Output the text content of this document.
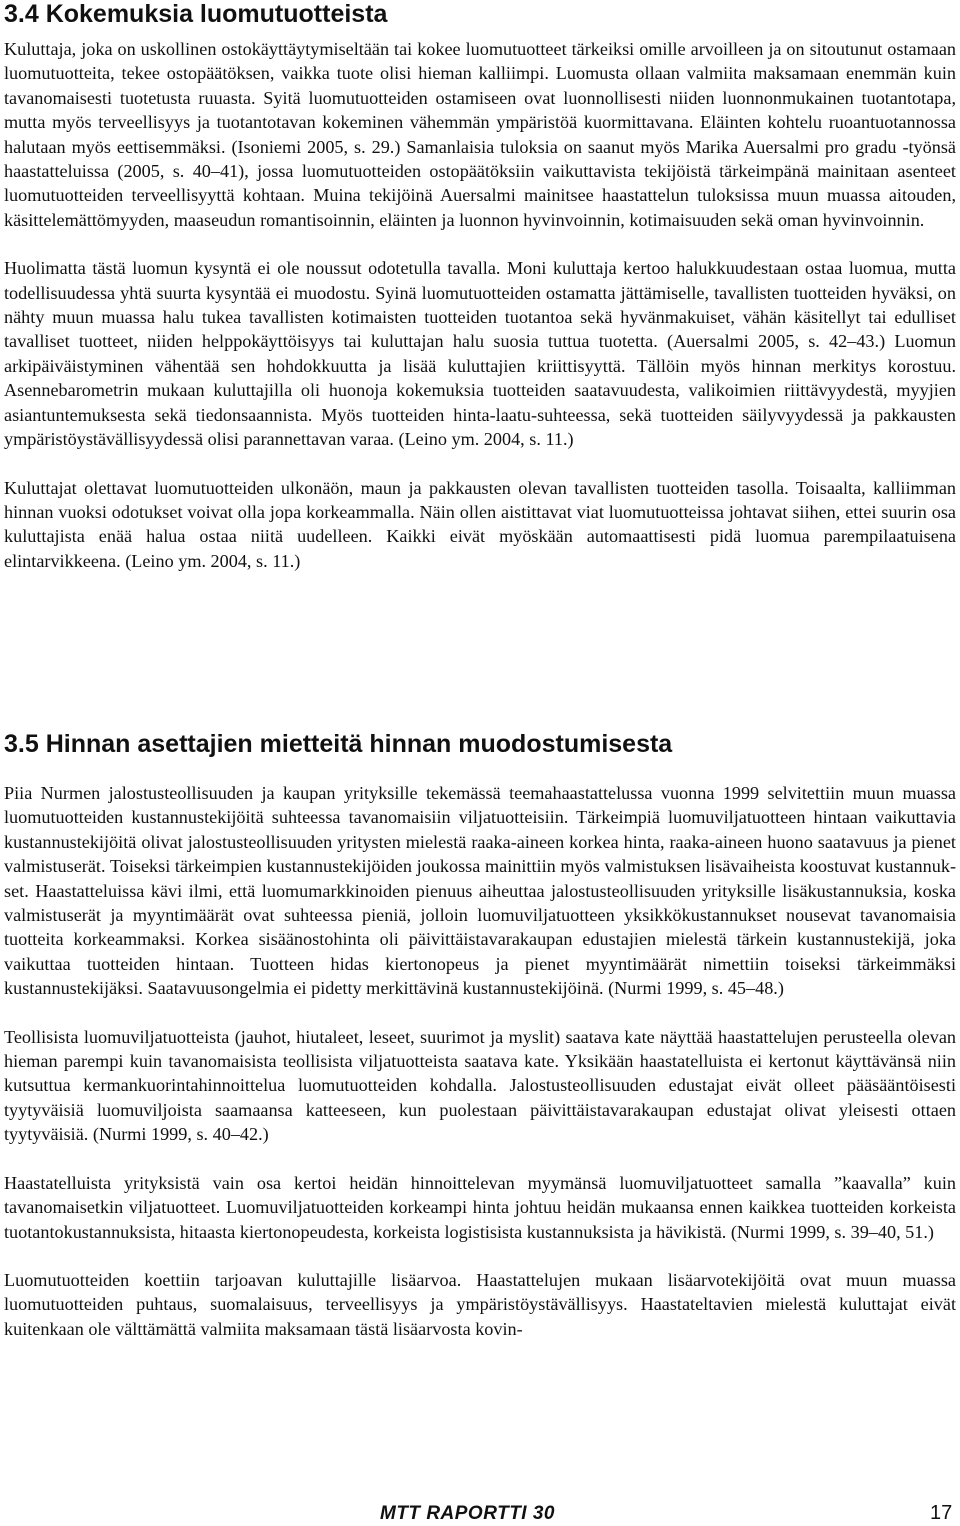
3.4 Kokemuksia luomutuotteista

Kuluttaja, joka on uskollinen ostokäyttäytymiseltään tai kokee luomutuotteet tärkeiksi omille arvoilleen ja on sitoutunut ostamaan luomutuotteita, tekee ostopäätöksen, vaikka tuote olisi hieman kalliimpi. Luomusta ollaan valmiita maksamaan enemmän kuin tavanomaisesti tuotetusta ruuasta. Syitä luomutuotteiden ostamiseen ovat luonnollisesti niiden luonnonmukainen tuotantotapa, mutta myös terveellisyys ja tuotantotavan kokeminen vähemmän ympäristöä kuormittavana. Eläinten kohtelu ruoantuotannossa halutaan myös eettisemmäksi. (Isoniemi 2005, s. 29.) Samanlaisia tuloksia on saanut myös Marika Auersalmi pro gradu -työnsä haastatteluissa (2005, s. 40–41), jossa luomutuotteiden ostopäätöksiin vaikuttavista tekijöistä tärkeimpänä mainitaan asenteet luomutuotteiden terveellisyyttä kohtaan. Muina tekijöinä Auersalmi mainitsee haastattelun tuloksissa muun muassa aitouden, käsittelemättömyyden, maaseudun romantisoinnin, eläinten ja luonnon hyvinvoinnin, kotimaisuuden sekä oman hyvinvoinnin.

Huolimatta tästä luomun kysyntä ei ole noussut odotetulla tavalla. Moni kuluttaja kertoo halukkuudestaan ostaa luomua, mutta todellisuudessa yhtä suurta kysyntää ei muodostu. Syinä luomutuotteiden ostamatta jättämiselle, tavallisten tuotteiden hyväksi, on nähty muun muassa halu tukea tavallisten kotimaisten tuotteiden tuotantoa sekä hyvänmakuiset, vähän käsitellyt tai edulliset tavalliset tuotteet, niiden helppokäyttöisyys tai kuluttajan halu suosia tuttua tuotetta. (Auersalmi 2005, s. 42–43.) Luomun arkipäiväistyminen vähentää sen hohdokkuutta ja lisää kuluttajien kriittisyyttä. Tällöin myös hinnan merkitys korostuu. Asennebarometrin mukaan kuluttajilla oli huonoja kokemuksia tuotteiden saatavuudesta, valikoimien riittävyydestä, myyjien asiantuntemuksesta sekä tiedonsaannista. Myös tuotteiden hinta-laatu-suhteessa, sekä tuotteiden säilyvyydessä ja pakkausten ympäristöystävällisyydessä olisi parannettavan varaa. (Leino ym. 2004, s. 11.)

Kuluttajat olettavat luomutuotteiden ulkonäön, maun ja pakkausten olevan tavallisten tuotteiden tasolla. Toisaalta, kalliimman hinnan vuoksi odotukset voivat olla jopa korkeammalla. Näin ollen aistittavat viat luomutuotteissa johtavat siihen, ettei suurin osa kuluttajista enää halua ostaa niitä uudelleen. Kaikki eivät myöskään automaattisesti pidä luomua parempilaatuisena elintarvikkeena. (Leino ym. 2004, s. 11.)

3.5 Hinnan asettajien mietteitä hinnan muodostumisesta

Piia Nurmen jalostusteollisuuden ja kaupan yrityksille tekemässä teemahaastattelussa vuonna 1999 selvitettiin muun muassa luomutuotteiden kustannustekijöitä suhteessa tavanomaisiin viljatuotteisiin. Tärkeimpiä luomuviljatuotteen hintaan vaikuttavia kustannustekijöitä olivat jalostusteollisuuden yritysten mielestä raaka-aineen korkea hinta, raaka-aineen huono saatavuus ja pienet valmistuserät. Toiseksi tärkeimpien kustannustekijöiden joukossa mainittiin myös valmistuksen lisävaiheista koostuvat kustannukset. Haastatteluissa kävi ilmi, että luomumarkkinoiden pienuus aiheuttaa jalostusteollisuuden yrityksille lisäkustannuksia, koska valmistuserät ja myyntimäärät ovat suhteessa pieniä, jolloin luomuviljatuotteen yksikkökustannukset nousevat tavanomaisia tuotteita korkeammaksi. Korkea sisäänostohinta oli päivittäistavarakaupan edustajien mielestä tärkein kustannustekijä, joka vaikuttaa tuotteiden hintaan. Tuotteen hidas kiertonopeus ja pienet myyntimäärät nimettiin toiseksi tärkeimmäksi kustannustekijäksi. Saatavuusongelmia ei pidetty merkittävinä kustannustekijöinä. (Nurmi 1999, s. 45–48.)

Teollisista luomuviljatuotteista (jauhot, hiutaleet, leseet, suurimot ja myslit) saatava kate näyttää haastattelujen perusteella olevan hieman parempi kuin tavanomaisista teollisista viljatuotteista saatava kate. Yksikään haastatelluista ei kertonut käyttävänsä niin kutsuttua kermankuorintahinnoittelua luomutuotteiden kohdalla. Jalostusteollisuuden edustajat eivät olleet pääsääntöisesti tyytyväisiä luomuviljoista saamaansa katteeseen, kun puolestaan päivittäistavarakaupan edustajat olivat yleisesti ottaen tyytyväisiä. (Nurmi 1999, s. 40–42.)

Haastatelluista yrityksistä vain osa kertoi heidän hinnoittelevan myymänsä luomuviljatuotteet samalla ”kaavalla” kuin tavanomaisetkin viljatuotteet. Luomuviljatuotteiden korkeampi hinta johtuu heidän mukaansa ennen kaikkea tuotteiden korkeista tuotantokustannuksista, hitaasta kiertonopeudesta, korkeista logistisista kustannuksista ja hävikistä. (Nurmi 1999, s. 39–40, 51.)

Luomutuotteiden koettiin tarjoavan kuluttajille lisäarvoa. Haastattelujen mukaan lisäarvotekijöitä ovat muun muassa luomutuotteiden puhtaus, suomalaisuus, terveellisyys ja ympäristöystävällisyys. Haastateltavien mielestä kuluttajat eivät kuitenkaan ole välttämättä valmiita maksamaan tästä lisäarvosta kovin-

MTT RAPORTTI 30	17
